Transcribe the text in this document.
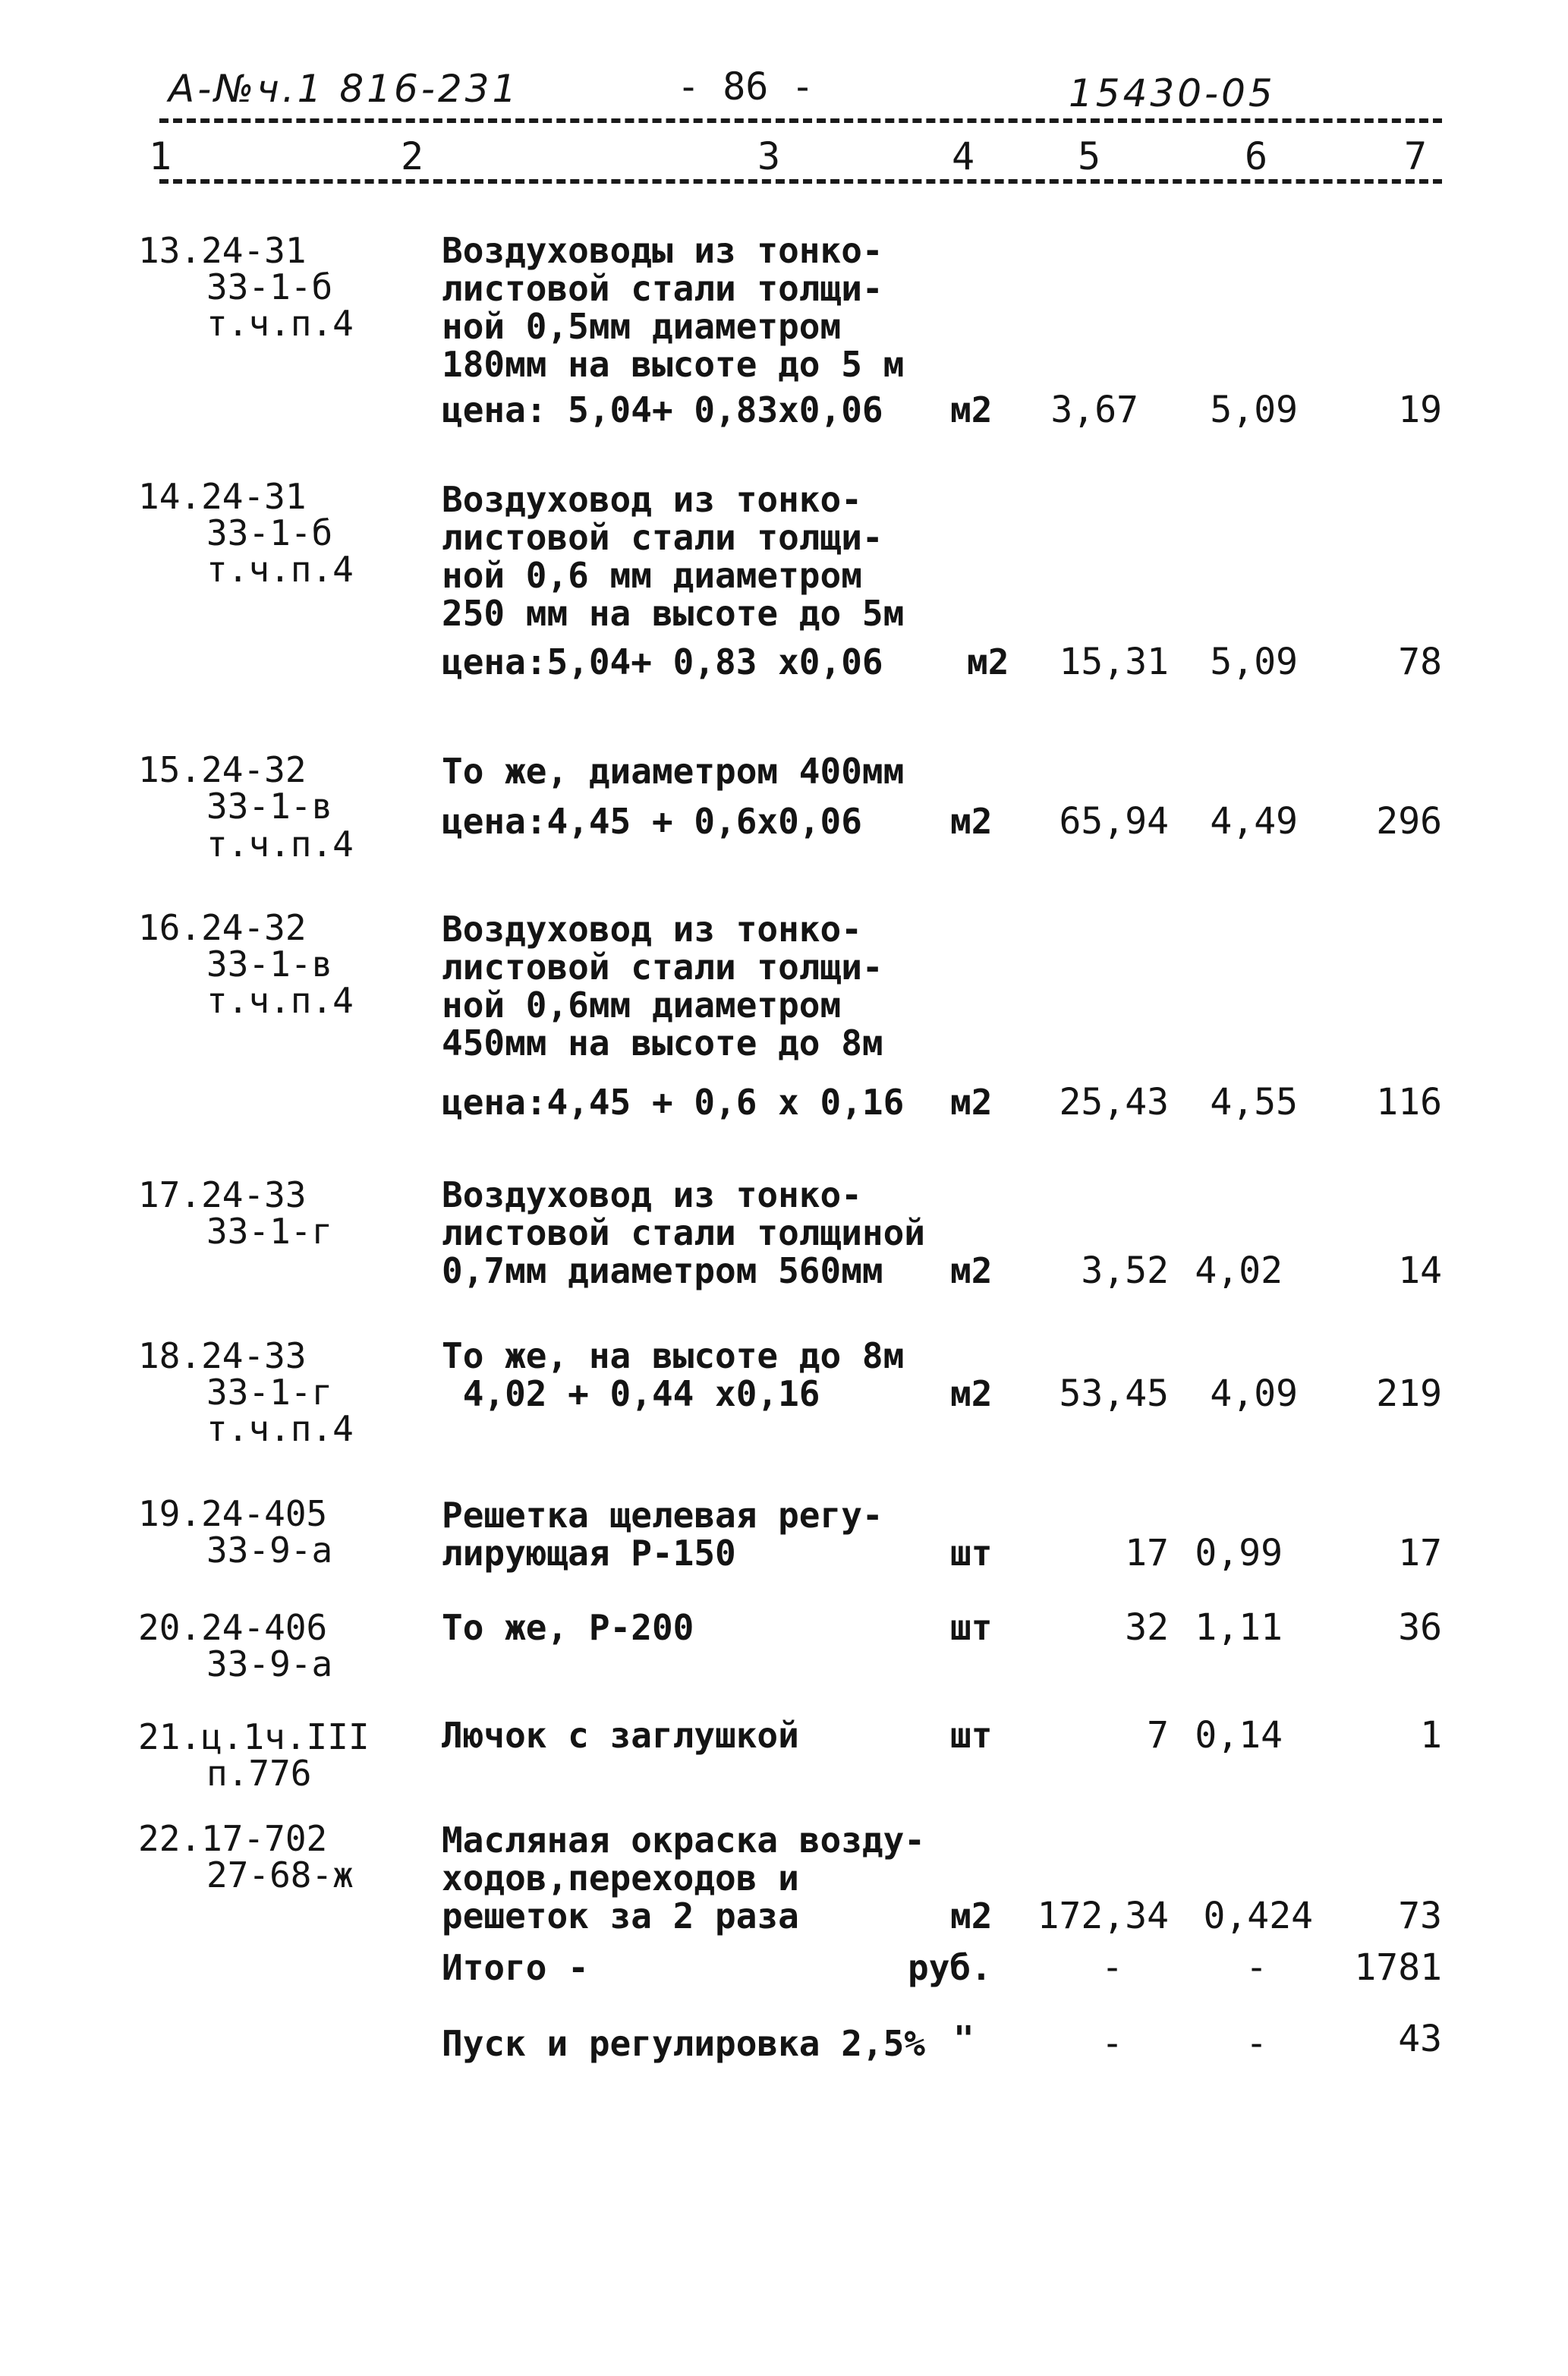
А-№ч.1 816-231	- 86 -	15430-05
1	2	3	4	5	6	7
13.24-31
33-1-б
т.ч.п.4
Воздуховоды из тонко-
листовой стали толщи-
ной 0,5мм диаметром
180мм на высоте до 5 м
цена: 5,04+ 0,83х0,06 м2	3,67	5,09	19
14.24-31
33-1-б
т.ч.п.4
Воздуховод из тонко-
листовой стали толщи-
ной 0,6 мм диаметром
250 мм на высоте до 5м
цена:5,04+ 0,83 х0,06 м2	15,31	5,09	78
15.24-32
33-1-в
т.ч.п.4
То же, диаметром 400мм
цена:4,45 + 0,6х0,06	м2	65,94	4,49	296
16.24-32
33-1-в
т.ч.п.4
Воздуховод из тонко-
листовой стали толщи-
ной 0,6мм диаметром
450мм на высоте до 8м
цена:4,45 + 0,6 х 0,16 м2	25,43	4,55	116
17.24-33
33-1-г
Воздуховод из тонко-
листовой стали толщиной
0,7мм диаметром 560мм м2	3,52 4,02	14
18.24-33
33-1-г
т.ч.п.4
То же, на высоте до 8м
4,02 + 0,44 х0,16	м2	53,45	4,09	219
19.24-405
33-9-а
Решетка щелевая регу-
лирующая Р-150	шт	17 0,99	17
20.24-406
33-9-а
То же, Р-200	шт	32 1,11	36
21.ц.1ч.III
п.776
Лючок с заглушкой	шт	7 0,14	1
22.17-702
27-68-ж
Масляная окраска возду-
ходов,переходов и
решеток за 2 раза	м2	172,34 0,424	73
Итого -	руб.	-	-	1781
Пуск и регулировка 2,5% "	-	-	43
